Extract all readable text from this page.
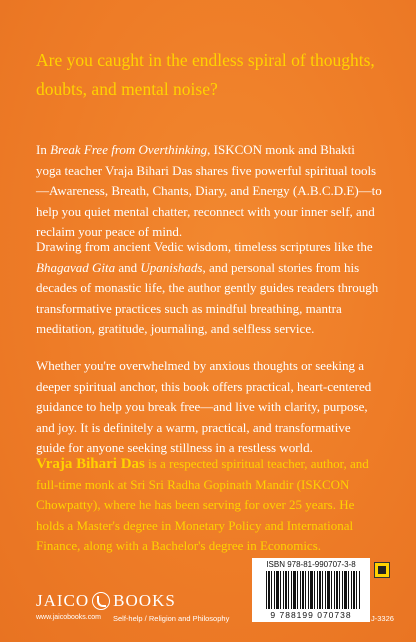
Are you caught in the endless spiral of thoughts, doubts, and mental noise?

In Break Free from Overthinking, ISKCON monk and Bhakti yoga teacher Vraja Bihari Das shares five powerful spiritual tools—Awareness, Breath, Chants, Diary, and Energy (A.B.C.D.E)—to help you quiet mental chatter, reconnect with your inner self, and reclaim your peace of mind.

Drawing from ancient Vedic wisdom, timeless scriptures like the Bhagavad Gita and Upanishads, and personal stories from his decades of monastic life, the author gently guides readers through transformative practices such as mindful breathing, mantra meditation, gratitude, journaling, and selfless service.

Whether you're overwhelmed by anxious thoughts or seeking a deeper spiritual anchor, this book offers practical, heart-centered guidance to help you break free—and live with clarity, purpose, and joy. It is definitely a warm, practical, and transformative guide for anyone seeking stillness in a restless world.

Vraja Bihari Das is a respected spiritual teacher, author, and full-time monk at Sri Sri Radha Gopinath Mandir (ISKCON Chowpatty), where he has been serving for over 25 years. He holds a Master's degree in Monetary Policy and International Finance, along with a Bachelor's degree in Economics.

JAICO BOOKS
www.jaicobooks.com Self-help / Religion and Philosophy
ISBN 978-81-990707-3-8
9 788199 070738	J-3326
